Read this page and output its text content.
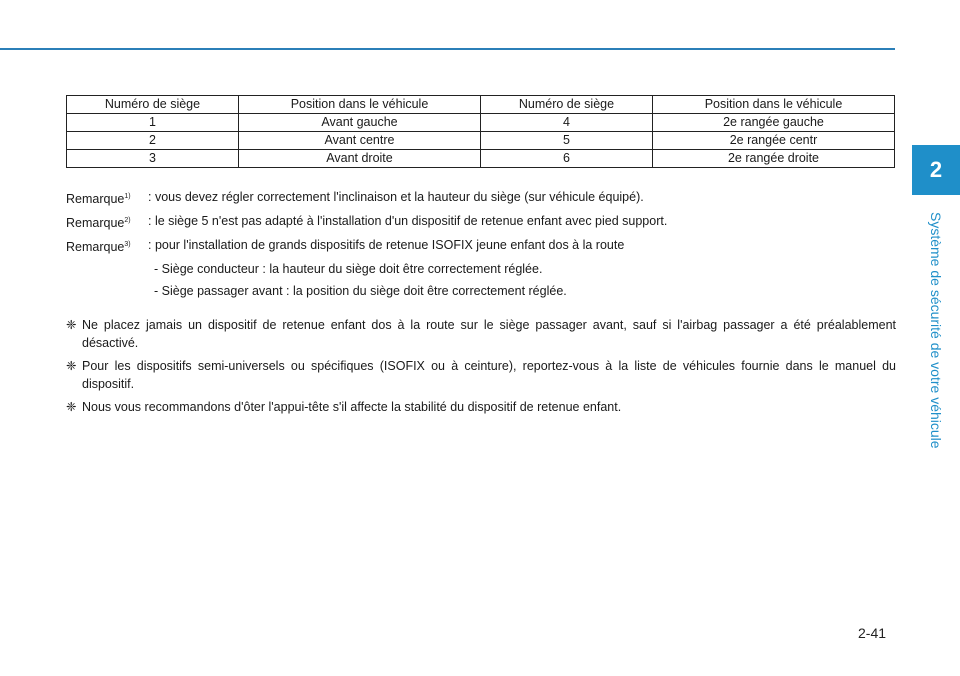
2
Système de sécurité de votre véhicule
Numéro de siège	Position dans le véhicule	Numéro de siège	Position dans le véhicule
1	Avant gauche	4	2e rangée gauche
2	Avant centre	5	2e rangée centr
3	Avant droite	6	2e rangée droite
Remarque$^{1)}$	: vous devez régler correctement l'inclinaison et la hauteur du siège (sur véhicule équipé).
Remarque$^{2)}$	: le siège 5 n'est pas adapté à l'installation d'un dispositif de retenue enfant avec pied support.
Remarque$^{3)}$	: pour l'installation de grands dispositifs de retenue ISOFIX jeune enfant dos à la route
- Siège conducteur : la hauteur du siège doit être correctement réglée.
- Siège passager avant : la position du siège doit être correctement réglée.
❈ Ne placez jamais un dispositif de retenue enfant dos à la route sur le siège passager avant, sauf si l'airbag passager a été préalablement désactivé.
❈ Pour les dispositifs semi-universels ou spécifiques (ISOFIX ou à ceinture), reportez-vous à la liste de véhicules fournie dans le manuel du dispositif.
❈ Nous vous recommandons d'ôter l'appui-tête s'il affecte la stabilité du dispositif de retenue enfant.
2-41
